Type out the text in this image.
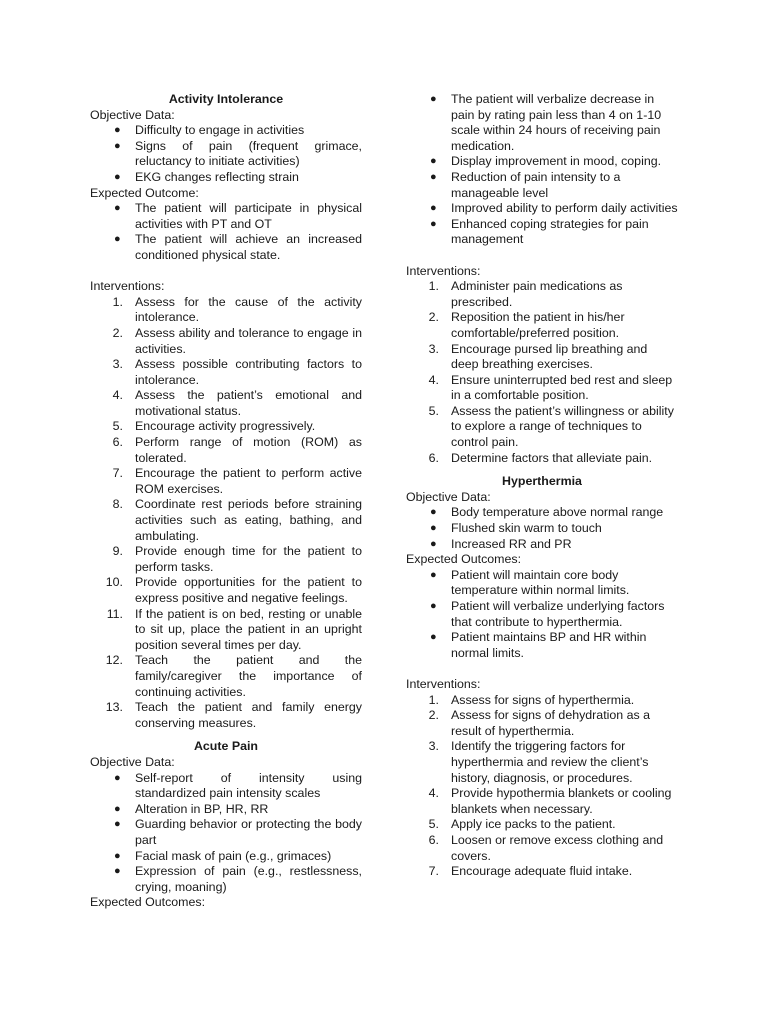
Activity Intolerance
Objective Data:
● Difficulty to engage in activities
● Signs of pain (frequent grimace, reluctancy to initiate activities)
● EKG changes reflecting strain
Expected Outcome:
● The patient will participate in physical activities with PT and OT
● The patient will achieve an increased conditioned physical state.
Interventions:
1. Assess for the cause of the activity intolerance.
2. Assess ability and tolerance to engage in activities.
3. Assess possible contributing factors to intolerance.
4. Assess the patient’s emotional and motivational status.
5. Encourage activity progressively.
6. Perform range of motion (ROM) as tolerated.
7. Encourage the patient to perform active ROM exercises.
8. Coordinate rest periods before straining activities such as eating, bathing, and ambulating.
9. Provide enough time for the patient to perform tasks.
10. Provide opportunities for the patient to express positive and negative feelings.
11. If the patient is on bed, resting or unable to sit up, place the patient in an upright position several times per day.
12. Teach the patient and the family/caregiver the importance of continuing activities.
13. Teach the patient and family energy conserving measures.
Acute Pain
Objective Data:
● Self-report of intensity using standardized pain intensity scales
● Alteration in BP, HR, RR
● Guarding behavior or protecting the body part
● Facial mask of pain (e.g., grimaces)
● Expression of pain (e.g., restlessness, crying, moaning)
Expected Outcomes:
● The patient will verbalize decrease in pain by rating pain less than 4 on 1-10 scale within 24 hours of receiving pain medication.
● Display improvement in mood, coping.
● Reduction of pain intensity to a manageable level
● Improved ability to perform daily activities
● Enhanced coping strategies for pain management
Interventions:
1. Administer pain medications as prescribed.
2. Reposition the patient in his/her comfortable/preferred position.
3. Encourage pursed lip breathing and deep breathing exercises.
4. Ensure uninterrupted bed rest and sleep in a comfortable position.
5. Assess the patient’s willingness or ability to explore a range of techniques to control pain.
6. Determine factors that alleviate pain.
Hyperthermia
Objective Data:
● Body temperature above normal range
● Flushed skin warm to touch
● Increased RR and PR
Expected Outcomes:
● Patient will maintain core body temperature within normal limits.
● Patient will verbalize underlying factors that contribute to hyperthermia.
● Patient maintains BP and HR within normal limits.
Interventions:
1. Assess for signs of hyperthermia.
2. Assess for signs of dehydration as a result of hyperthermia.
3. Identify the triggering factors for hyperthermia and review the client’s history, diagnosis, or procedures.
4. Provide hypothermia blankets or cooling blankets when necessary.
5. Apply ice packs to the patient.
6. Loosen or remove excess clothing and covers.
7. Encourage adequate fluid intake.
